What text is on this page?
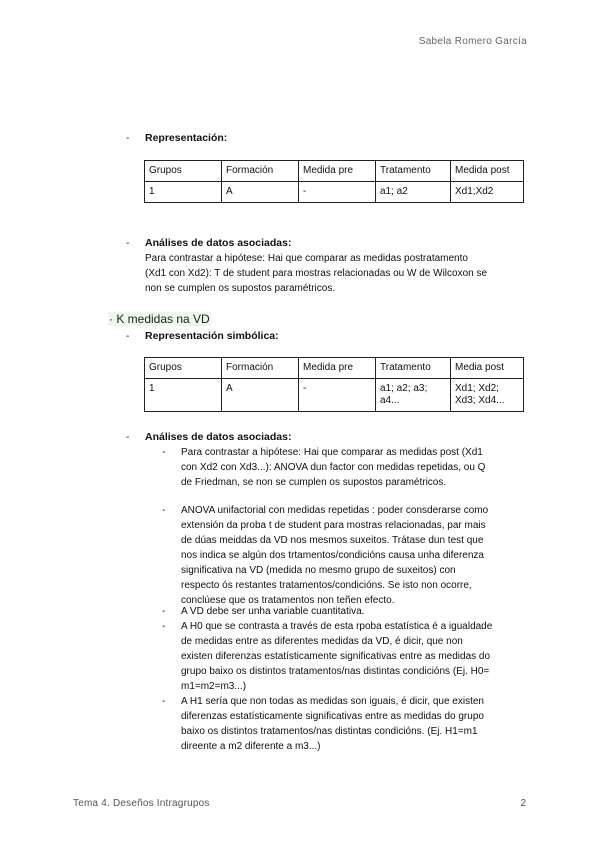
Sabela Romero García
Tema 4. Deseños Intragrupos	2
- Representación:
Grupos	Formación	Medida pre	Tratamento	Medida post
1	A	-	a1; a2	Xd1;Xd2
- Análises de datos asociadas:
Para contrastar a hipótese: Hai que comparar as medidas postratamento
(Xd1 con Xd2): T de student para mostras relacionadas ou W de Wilcoxon se
non se cumplen os supostos paramétricos.
· K medidas na VD
- Representación simbólica:
Grupos	Formación	Medida pre	Tratamento	Media post
1	A	-	a1; a2; a3; a4...	Xd1; Xd2; Xd3; Xd4...
- Análises de datos asociadas:
- Para contrastar a hipótese: Hai que comparar as medidas post (Xd1
con Xd2 con Xd3...): ANOVA dun factor con medidas repetidas, ou Q
de Friedman, se non se cumplen os supostos paramétricos.
- ANOVA unifactorial con medidas repetidas : poder consderarse como
extensión da proba t de student para mostras relacionadas, par mais
de dúas meiddas da VD nos mesmos suxeitos. Trátase dun test que
nos indica se algún dos trtamentos/condicións causa unha diferenza
significativa na VD (medida no mesmo grupo de suxeitos) con
respecto ós restantes tratamentos/condicións. Se isto non ocorre,
conclúese que os tratamentos non teñen efecto.
- A VD debe ser unha variable cuantitativa.
- A H0 que se contrasta a través de esta rpoba estatística é a igualdade
de medidas entre as diferentes medidas da VD, é dicir, que non
existen diferenzas estatísticamente significativas entre as medidas do
grupo baixo os distintos tratamentos/nas distintas condicións (Ej. H0=
m1=m2=m3...)
- A H1 sería que non todas as medidas son iguais, é dicir, que existen
diferenzas estatísticamente significativas entre as medidas do grupo
baixo os distintos tratamentos/nas distintas condicións. (Ej. H1=m1
direente a m2 diferente a m3...)
